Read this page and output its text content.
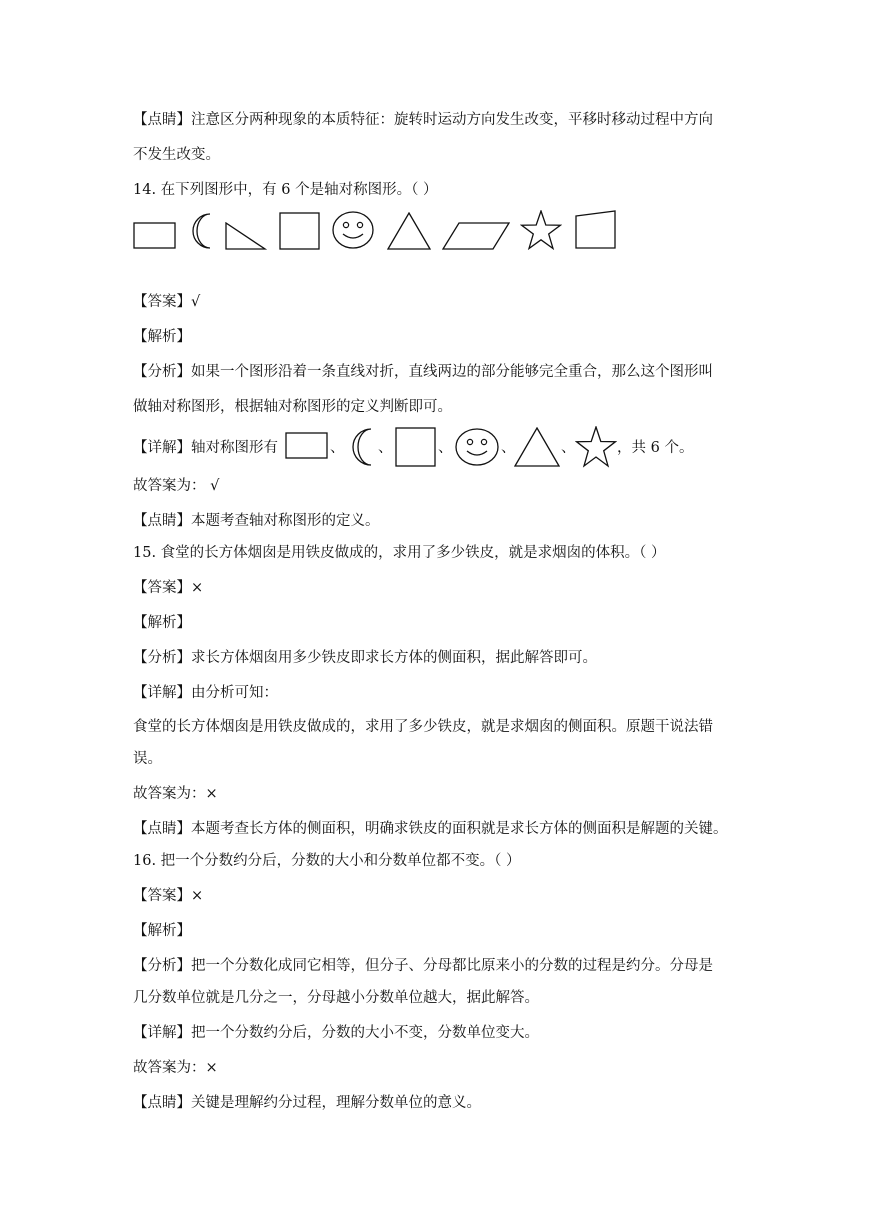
【点睛】注意区分两种现象的本质特征：旋转时运动方向发生改变，平移时移动过程中方向
不发生改变。
14. 在下列图形中，有 6 个是轴对称图形。（ ）
【答案】√
【解析】
【分析】如果一个图形沿着一条直线对折，直线两边的部分能够完全重合，那么这个图形叫
做轴对称图形，根据轴对称图形的定义判断即可。
【详解】轴对称图形有	、 、	、	、	、	，共 6 个。
故答案为： √
【点睛】本题考查轴对称图形的定义。
15. 食堂的长方体烟囱是用铁皮做成的，求用了多少铁皮，就是求烟囱的体积。（ ）
【答案】×
【解析】
【分析】求长方体烟囱用多少铁皮即求长方体的侧面积，据此解答即可。
【详解】由分析可知：
食堂的长方体烟囱是用铁皮做成的，求用了多少铁皮，就是求烟囱的侧面积。原题干说法错
误。
故答案为：×
【点睛】本题考查长方体的侧面积，明确求铁皮的面积就是求长方体的侧面积是解题的关键。
16. 把一个分数约分后，分数的大小和分数单位都不变。（ ）
【答案】×
【解析】
【分析】把一个分数化成同它相等，但分子、分母都比原来小的分数的过程是约分。分母是
几分数单位就是几分之一，分母越小分数单位越大，据此解答。
【详解】把一个分数约分后，分数的大小不变，分数单位变大。
故答案为：×
【点睛】关键是理解约分过程，理解分数单位的意义。
